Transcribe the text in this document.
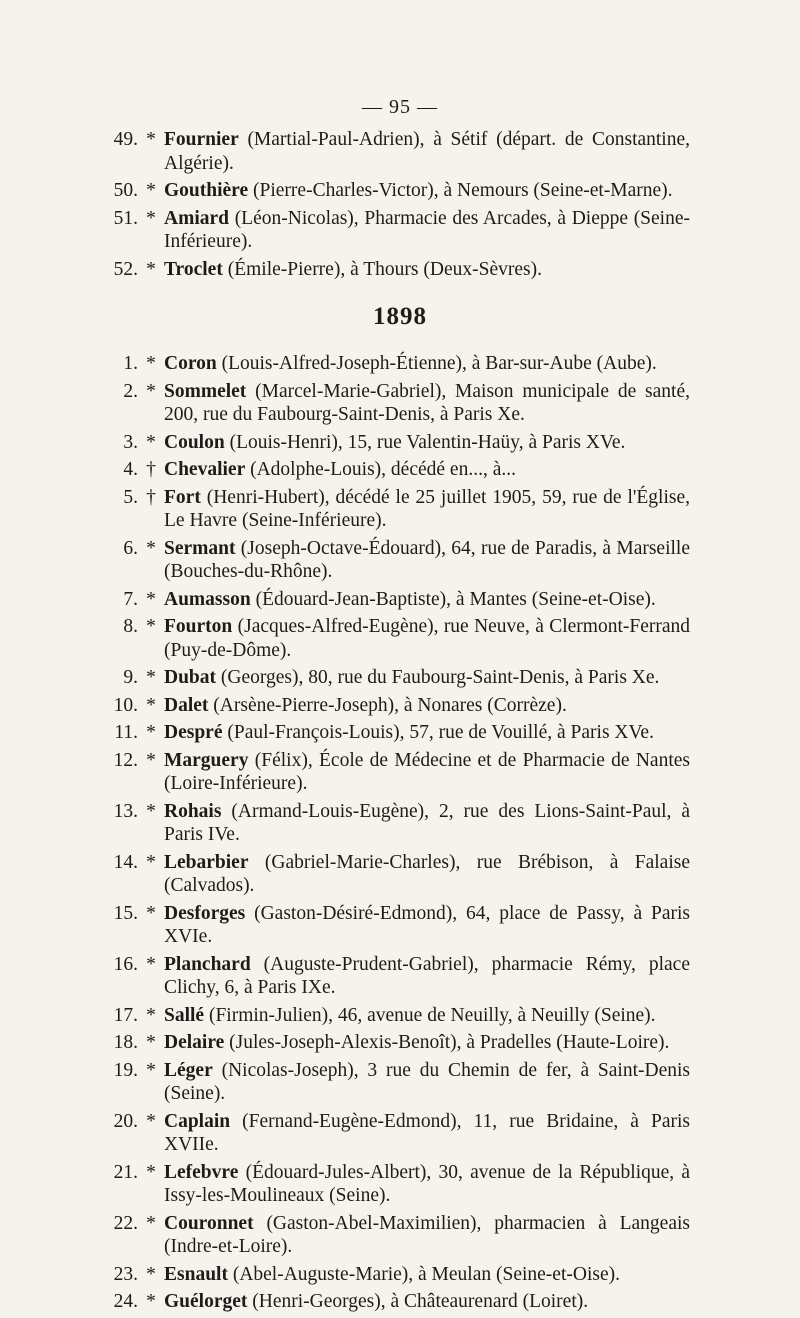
— 95 —
49. * Fournier (Martial-Paul-Adrien), à Sétif (départ. de Constantine, Algérie).
50. * Gouthière (Pierre-Charles-Victor), à Nemours (Seine-et-Marne).
51. * Amiard (Léon-Nicolas), Pharmacie des Arcades, à Dieppe (Seine-Inférieure).
52. * Troclet (Émile-Pierre), à Thours (Deux-Sèvres).
1898
1. * Coron (Louis-Alfred-Joseph-Étienne), à Bar-sur-Aube (Aube).
2. * Sommelet (Marcel-Marie-Gabriel), Maison municipale de santé, 200, rue du Faubourg-Saint-Denis, à Paris Xe.
3. * Coulon (Louis-Henri), 15, rue Valentin-Haüy, à Paris XVe.
4. † Chevalier (Adolphe-Louis), décédé en..., à...
5. † Fort (Henri-Hubert), décédé le 25 juillet 1905, 59, rue de l'Église, Le Havre (Seine-Inférieure).
6. * Sermant (Joseph-Octave-Édouard), 64, rue de Paradis, à Marseille (Bouches-du-Rhône).
7. * Aumasson (Édouard-Jean-Baptiste), à Mantes (Seine-et-Oise).
8. * Fourton (Jacques-Alfred-Eugène), rue Neuve, à Clermont-Ferrand (Puy-de-Dôme).
9. * Dubat (Georges), 80, rue du Faubourg-Saint-Denis, à Paris Xe.
10. * Dalet (Arsène-Pierre-Joseph), à Nonares (Corrèze).
11. * Despré (Paul-François-Louis), 57, rue de Vouillé, à Paris XVe.
12. * Marguery (Félix), École de Médecine et de Pharmacie de Nantes (Loire-Inférieure).
13. * Rohais (Armand-Louis-Eugène), 2, rue des Lions-Saint-Paul, à Paris IVe.
14. * Lebarbier (Gabriel-Marie-Charles), rue Brébison, à Falaise (Calvados).
15. * Desforges (Gaston-Désiré-Edmond), 64, place de Passy, à Paris XVIe.
16. * Planchard (Auguste-Prudent-Gabriel), pharmacie Rémy, place Clichy, 6, à Paris IXe.
17. * Sallé (Firmin-Julien), 46, avenue de Neuilly, à Neuilly (Seine).
18. * Delaire (Jules-Joseph-Alexis-Benoît), à Pradelles (Haute-Loire).
19. * Léger (Nicolas-Joseph), 3 rue du Chemin de fer, à Saint-Denis (Seine).
20. * Caplain (Fernand-Eugène-Edmond), 11, rue Bridaine, à Paris XVIIe.
21. * Lefebvre (Édouard-Jules-Albert), 30, avenue de la République, à Issy-les-Moulineaux (Seine).
22. * Couronnet (Gaston-Abel-Maximilien), pharmacien à Langeais (Indre-et-Loire).
23. * Esnault (Abel-Auguste-Marie), à Meulan (Seine-et-Oise).
24. * Guélorget (Henri-Georges), à Châteaurenard (Loiret).
